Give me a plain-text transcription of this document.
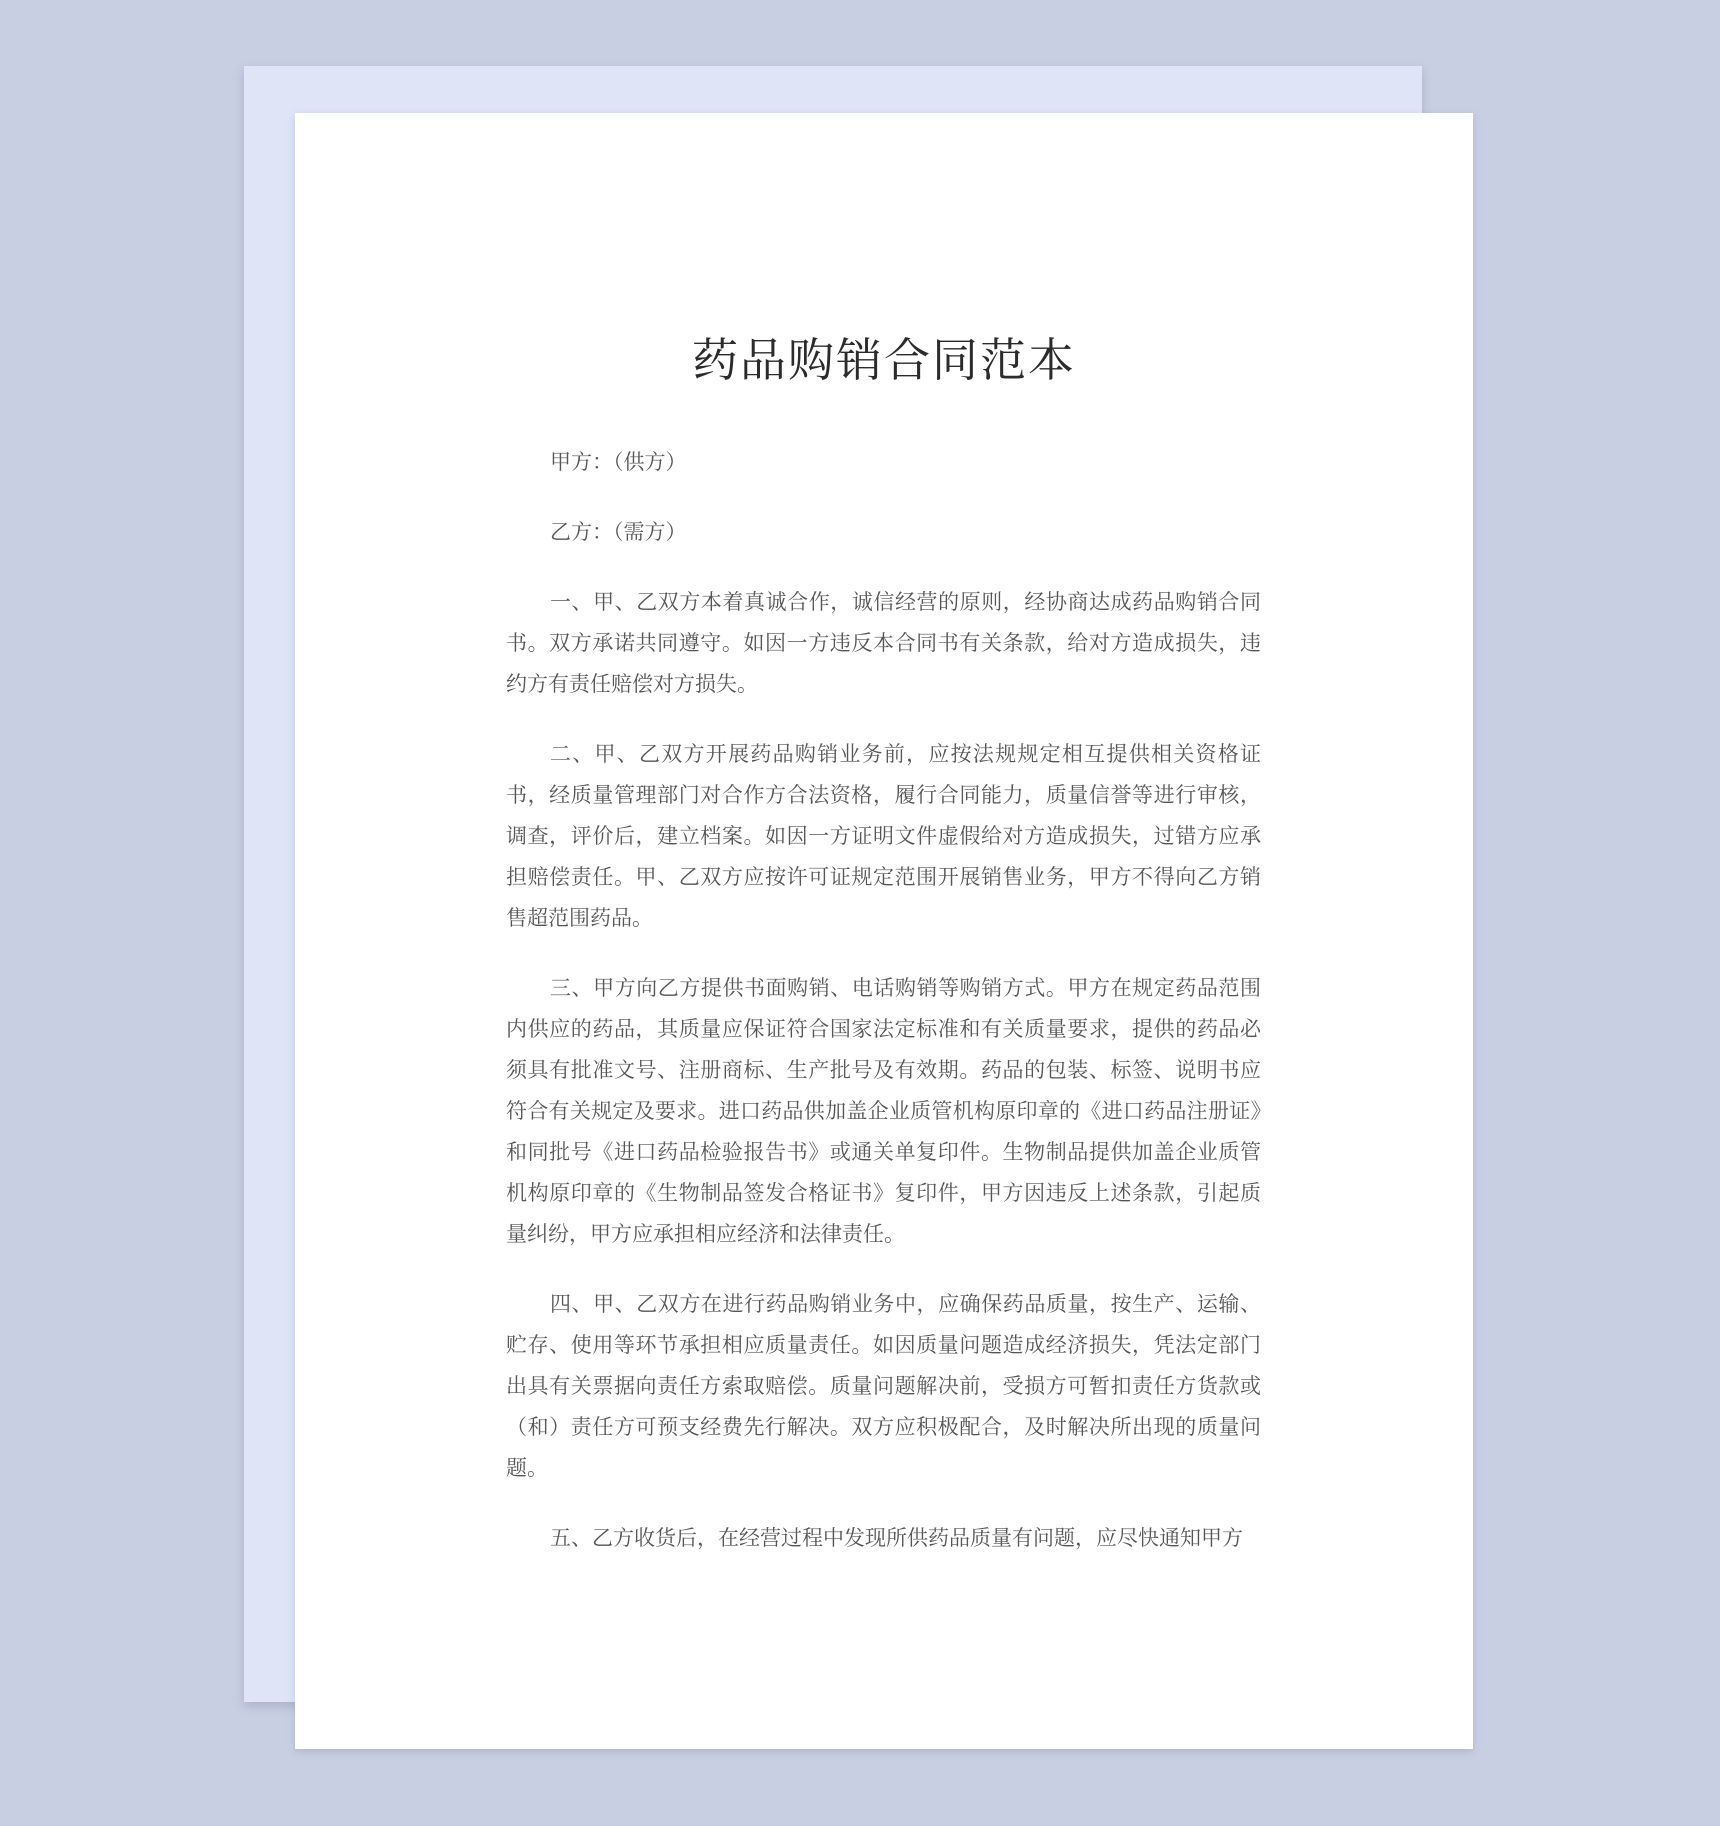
药品购销合同范本

甲方：（供方）

乙方：（需方）

一、甲、乙双方本着真诚合作，诚信经营的原则，经协商达成药品购销合同书。双方承诺共同遵守。如因一方违反本合同书有关条款，给对方造成损失，违约方有责任赔偿对方损失。

二、甲、乙双方开展药品购销业务前，应按法规规定相互提供相关资格证书，经质量管理部门对合作方合法资格，履行合同能力，质量信誉等进行审核，调查，评价后，建立档案。如因一方证明文件虚假给对方造成损失，过错方应承担赔偿责任。甲、乙双方应按许可证规定范围开展销售业务，甲方不得向乙方销售超范围药品。

三、甲方向乙方提供书面购销、电话购销等购销方式。甲方在规定药品范围内供应的药品，其质量应保证符合国家法定标准和有关质量要求，提供的药品必须具有批准文号、注册商标、生产批号及有效期。药品的包装、标签、说明书应符合有关规定及要求。进口药品供加盖企业质管机构原印章的《进口药品注册证》和同批号《进口药品检验报告书》或通关单复印件。生物制品提供加盖企业质管机构原印章的《生物制品签发合格证书》复印件，甲方因违反上述条款，引起质量纠纷，甲方应承担相应经济和法律责任。

四、甲、乙双方在进行药品购销业务中，应确保药品质量，按生产、运输、贮存、使用等环节承担相应质量责任。如因质量问题造成经济损失，凭法定部门出具有关票据向责任方索取赔偿。质量问题解决前，受损方可暂扣责任方货款或（和）责任方可预支经费先行解决。双方应积极配合，及时解决所出现的质量问题。

五、乙方收货后，在经营过程中发现所供药品质量有问题，应尽快通知甲方
